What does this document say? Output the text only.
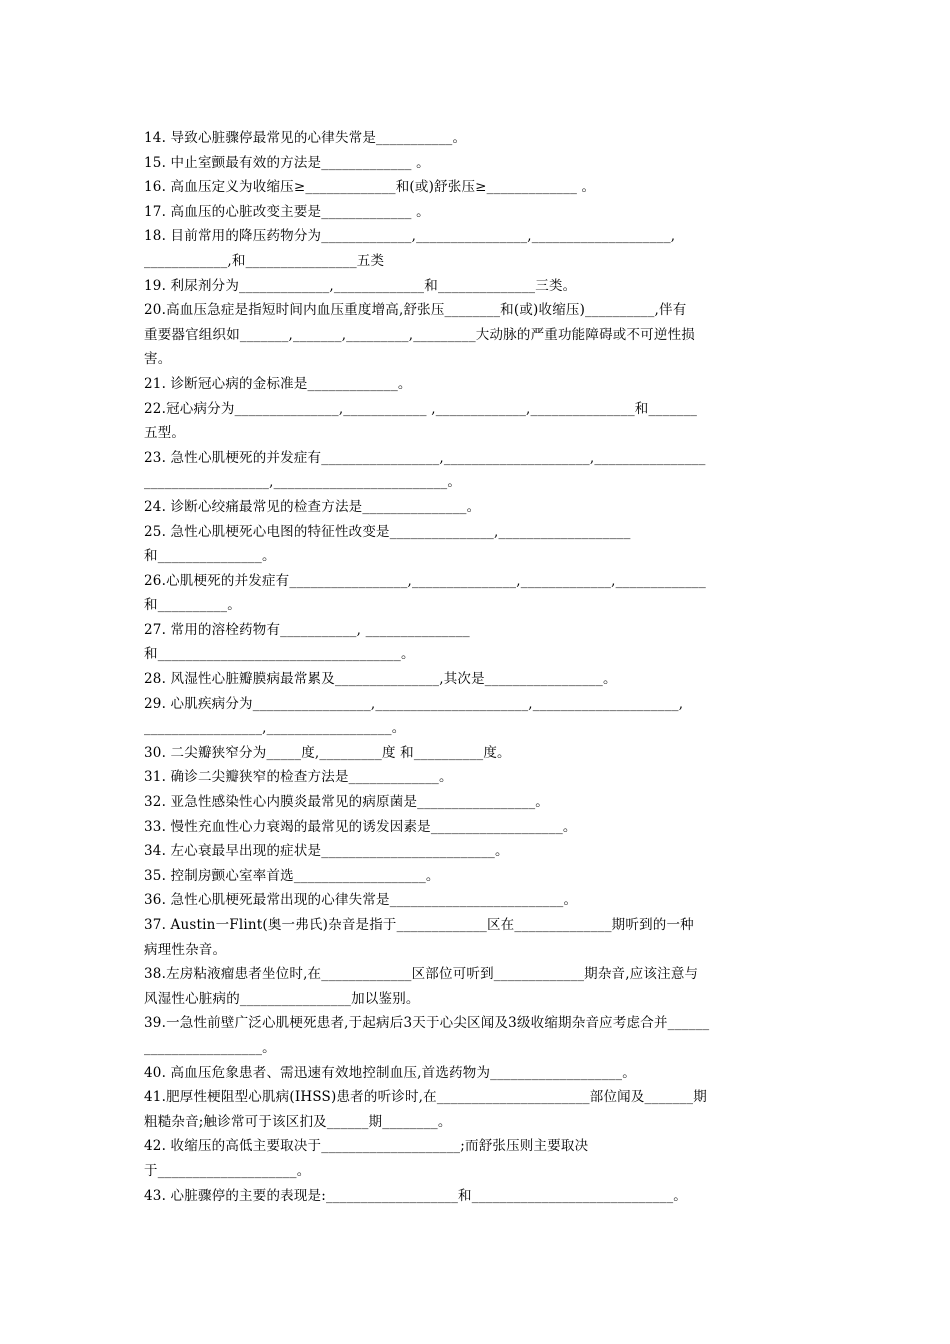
14. 导致心脏骤停最常见的心律失常是___________。
15. 中止室颤最有效的方法是_____________ 。
16. 高血压定义为收缩压≥_____________和(或)舒张压≥_____________ 。
17. 高血压的心脏改变主要是_____________ 。
18. 目前常用的降压药物分为_____________,________________,____________________,
____________,和________________五类
19. 利尿剂分为_____________,_____________和______________三类。
20.高血压急症是指短时间内血压重度增高,舒张压________和(或)收缩压)__________,伴有
重要器官组织如_______,_______,_________,_________大动脉的严重功能障碍或不可逆性损
害。
21. 诊断冠心病的金标准是_____________。
22.冠心病分为_______________,____________ ,_____________,_______________和_______
五型。
23. 急性心肌梗死的并发症有_________________,_____________________,________________
__________________,_________________________。
24. 诊断心绞痛最常见的检查方法是_______________。
25. 急性心肌梗死心电图的特征性改变是_______________,___________________
和_______________。
26.心肌梗死的并发症有_________________,_______________,_____________,_____________
和__________。
27. 常用的溶栓药物有___________, _______________
和___________________________________。
28. 风湿性心脏瓣膜病最常累及_______________,其次是_________________。
29. 心肌疾病分为_________________,______________________,_____________________,
_________________,__________________。
30. 二尖瓣狭窄分为_____度,_________度 和__________度。
31. 确诊二尖瓣狭窄的检查方法是_____________。
32. 亚急性感染性心内膜炎最常见的病原菌是_________________。
33. 慢性充血性心力衰竭的最常见的诱发因素是___________________。
34. 左心衰最早出现的症状是_________________________。
35. 控制房颤心室率首选___________________。
36. 急性心肌梗死最常出现的心律失常是_________________________。
37. Austin一Flint(奥一弗氏)杂音是指于_____________区在______________期听到的一种
病理性杂音。
38.左房粘液瘤患者坐位时,在_____________区部位可听到_____________期杂音,应该注意与
风湿性心脏病的________________加以鉴别。
39.一急性前壁广泛心肌梗死患者,于起病后3天于心尖区闻及3级收缩期杂音应考虑合并______
_________________。
40. 高血压危象患者、需迅速有效地控制血压,首选药物为___________________。
41.肥厚性梗阻型心肌病(IHSS)患者的听诊时,在______________________部位闻及_______期
粗糙杂音;触诊常可于该区扪及______期________。
42. 收缩压的高低主要取决于____________________;而舒张压则主要取决
于____________________。
43. 心脏骤停的主要的表现是:___________________和_____________________________。
